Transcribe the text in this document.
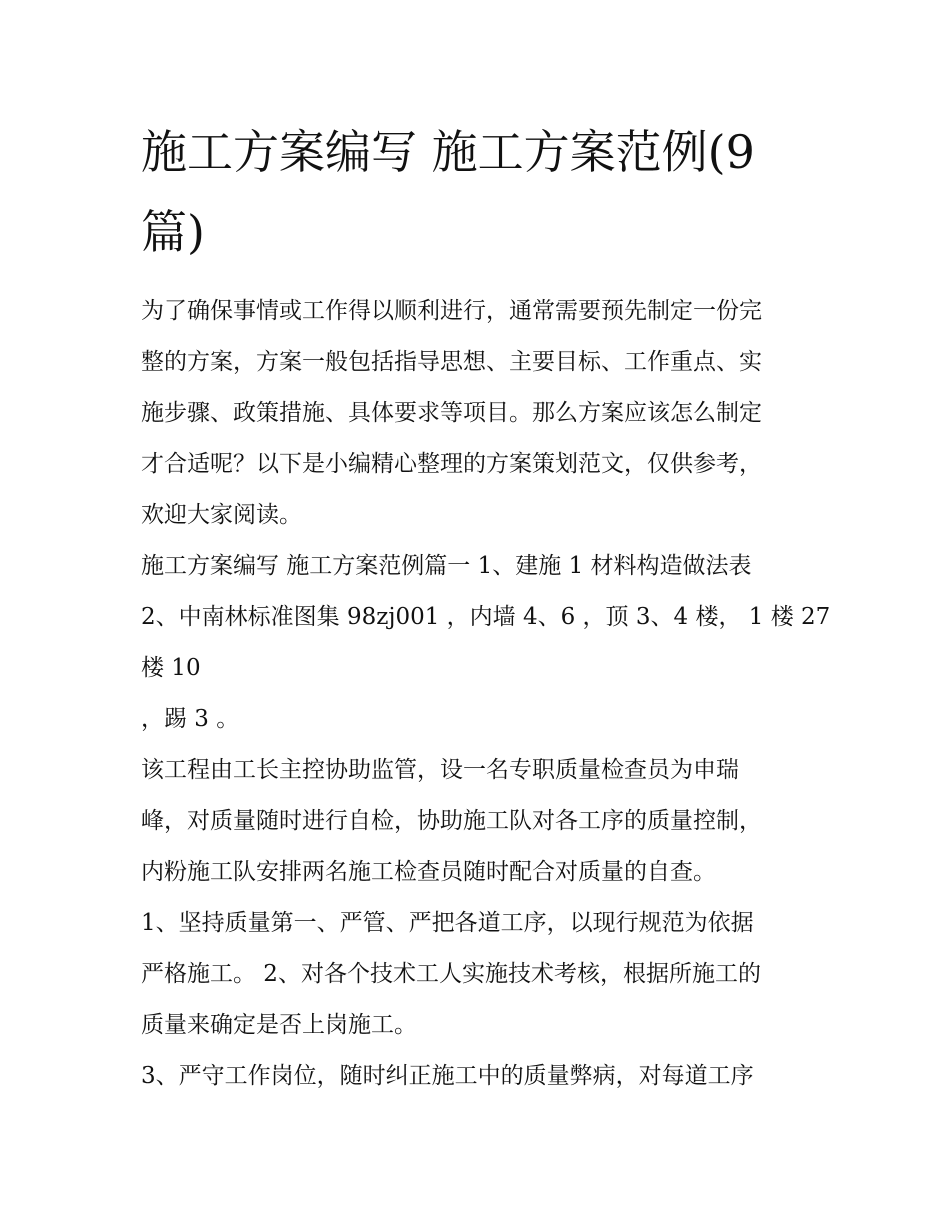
施工方案编写 施工方案范例(9
篇)

为了确保事情或工作得以顺利进行，通常需要预先制定一份完
整的方案，方案一般包括指导思想、主要目标、工作重点、实
施步骤、政策措施、具体要求等项目。那么方案应该怎么制定
才合适呢？以下是小编精心整理的方案策划范文，仅供参考，
欢迎大家阅读。

施工方案编写 施工方案范例篇一 1、建施 1 材料构造做法表
2、中南林标准图集 98zj001 ，内墙 4、6 ，顶 3、4 楼， 1 楼 27
楼 10
，踢 3 。

该工程由工长主控协助监管，设一名专职质量检查员为申瑞
峰，对质量随时进行自检，协助施工队对各工序的质量控制，
内粉施工队安排两名施工检查员随时配合对质量的自查。

1、坚持质量第一、严管、严把各道工序，以现行规范为依据
严格施工。 2、对各个技术工人实施技术考核，根据所施工的
质量来确定是否上岗施工。

3、严守工作岗位，随时纠正施工中的质量弊病，对每道工序
